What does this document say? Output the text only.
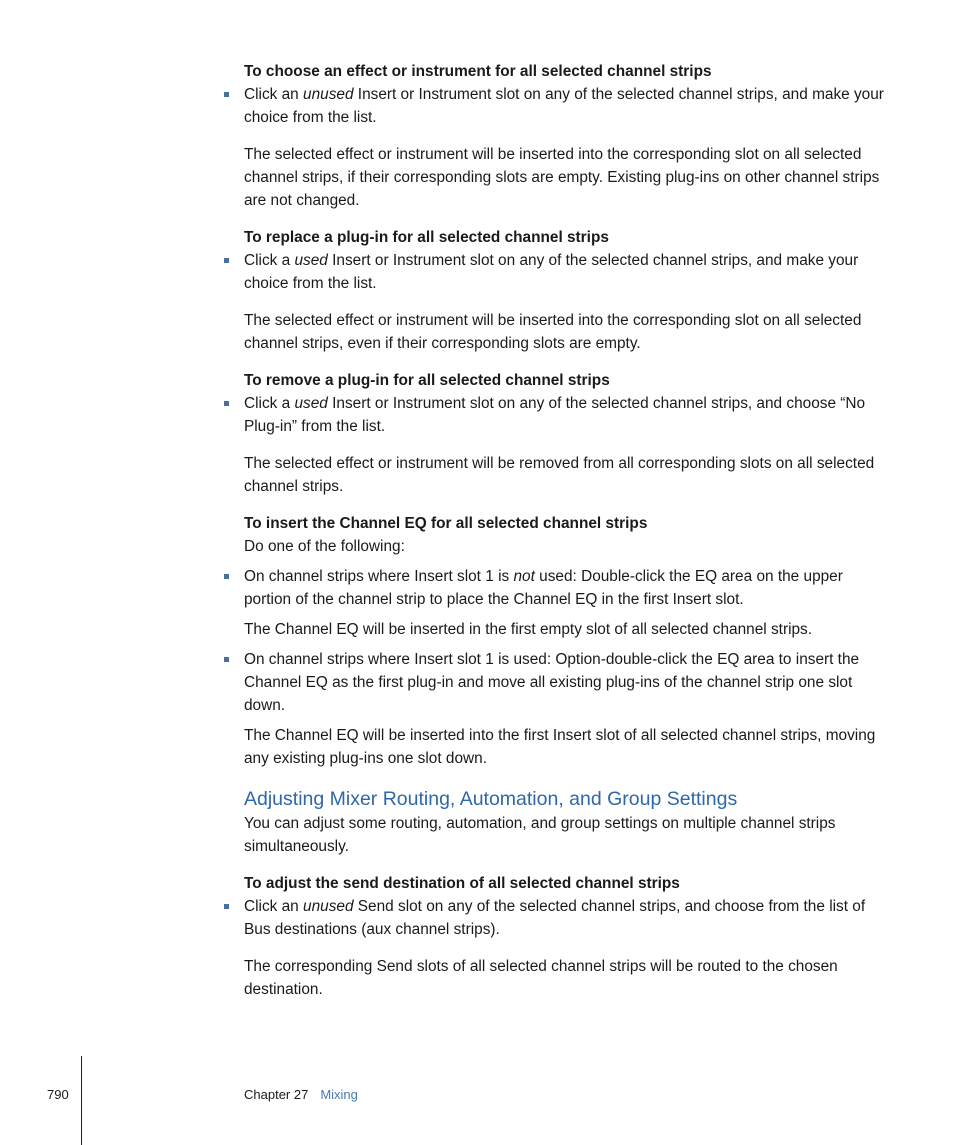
To choose an effect or instrument for all selected channel strips

Click an unused Insert or Instrument slot on any of the selected channel strips, and make your choice from the list.

The selected effect or instrument will be inserted into the corresponding slot on all selected channel strips, if their corresponding slots are empty. Existing plug-ins on other channel strips are not changed.

To replace a plug-in for all selected channel strips

Click a used Insert or Instrument slot on any of the selected channel strips, and make your choice from the list.

The selected effect or instrument will be inserted into the corresponding slot on all selected channel strips, even if their corresponding slots are empty.

To remove a plug-in for all selected channel strips

Click a used Insert or Instrument slot on any of the selected channel strips, and choose “No Plug-in” from the list.

The selected effect or instrument will be removed from all corresponding slots on all selected channel strips.

To insert the Channel EQ for all selected channel strips

Do one of the following:

On channel strips where Insert slot 1 is not used: Double-click the EQ area on the upper portion of the channel strip to place the Channel EQ in the first Insert slot.

The Channel EQ will be inserted in the first empty slot of all selected channel strips.

On channel strips where Insert slot 1 is used: Option-double-click the EQ area to insert the Channel EQ as the first plug-in and move all existing plug-ins of the channel strip one slot down.

The Channel EQ will be inserted into the first Insert slot of all selected channel strips, moving any existing plug-ins one slot down.

Adjusting Mixer Routing, Automation, and Group Settings

You can adjust some routing, automation, and group settings on multiple channel strips simultaneously.

To adjust the send destination of all selected channel strips

Click an unused Send slot on any of the selected channel strips, and choose from the list of Bus destinations (aux channel strips).

The corresponding Send slots of all selected channel strips will be routed to the chosen destination.

790	Chapter 27 Mixing
